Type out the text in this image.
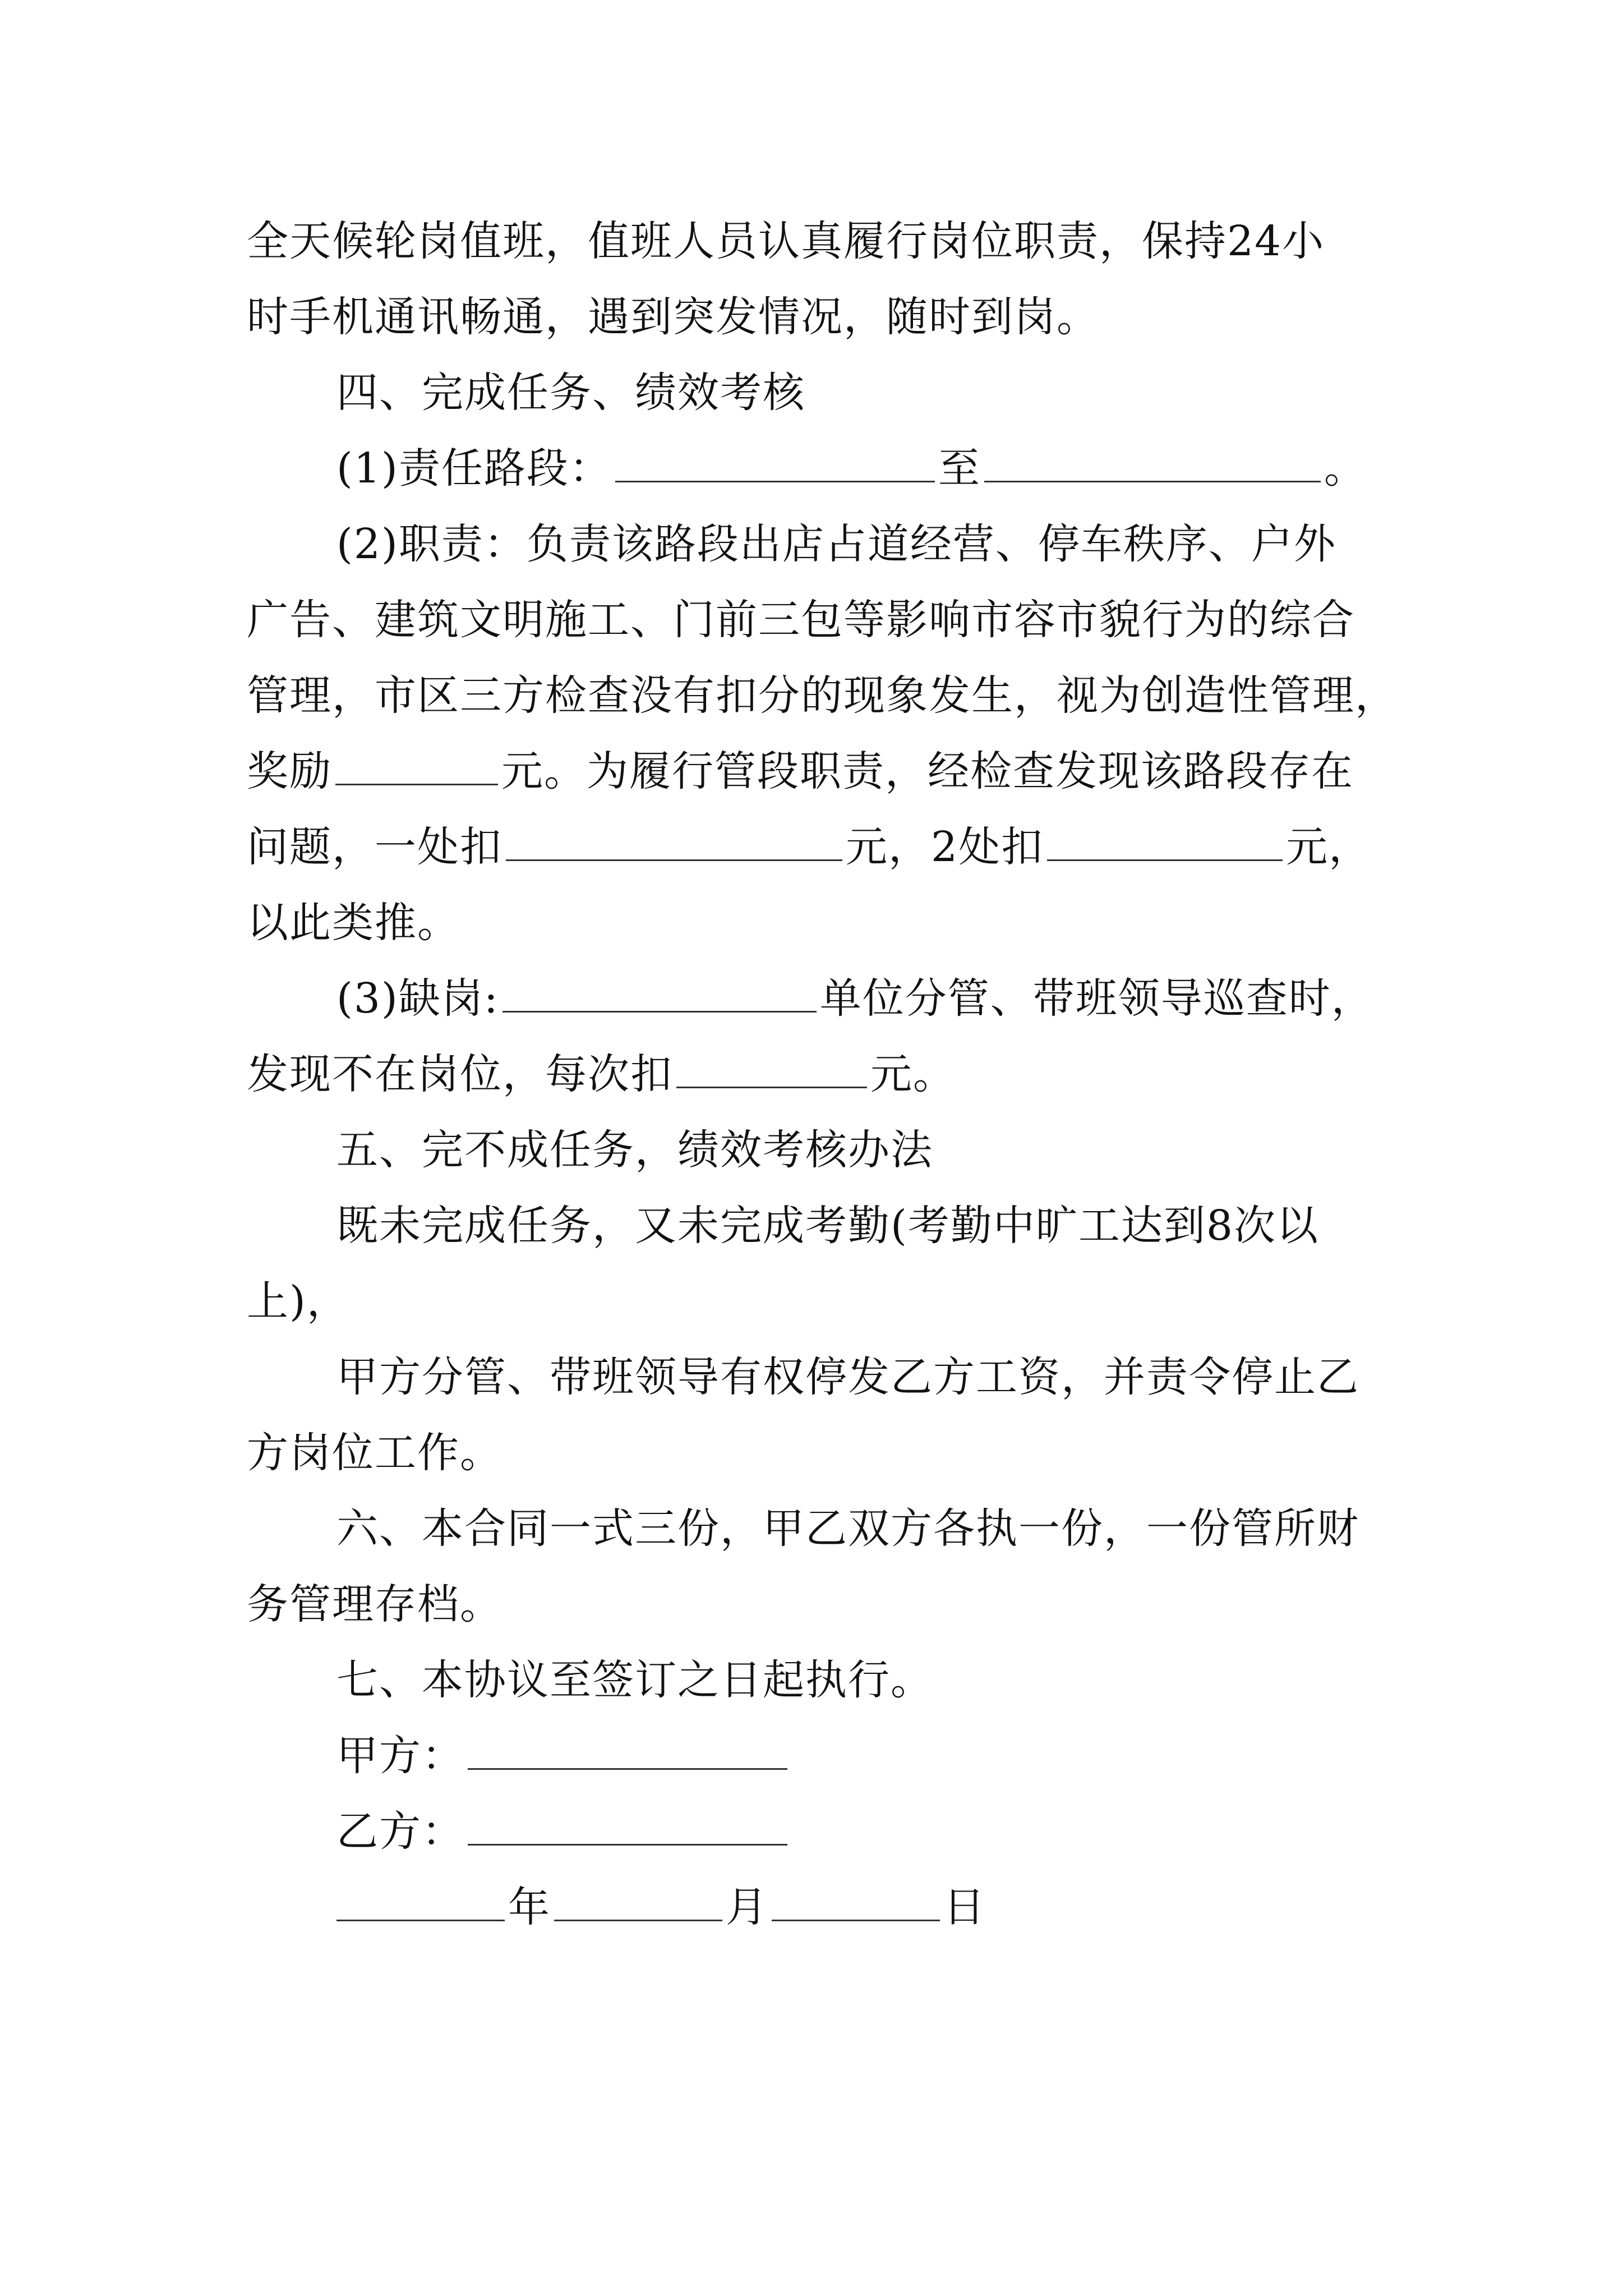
全天候轮岗值班，值班人员认真履行岗位职责，保持24小
时手机通讯畅通，遇到突发情况，随时到岗。
四、完成任务、绩效考核
(1)责任路段：	至	。
(2)职责：负责该路段出店占道经营、停车秩序、户外
广告、建筑文明施工、门前三包等影响市容市貌行为的综合
管理，市区三方检查没有扣分的现象发生，视为创造性管理，
奖励	元。为履行管段职责，经检查发现该路段存在
问题，一处扣	元，2处扣	元，
以此类推。
(3)缺岗:	单位分管、带班领导巡查时，
发现不在岗位，每次扣	元。
五、完不成任务，绩效考核办法
既未完成任务，又未完成考勤(考勤中旷工达到8次以
上)，
甲方分管、带班领导有权停发乙方工资，并责令停止乙
方岗位工作。
六、本合同一式三份，甲乙双方各执一份，一份管所财
务管理存档。
七、本协议至签订之日起执行。
甲方：
乙方：
年	月	日
